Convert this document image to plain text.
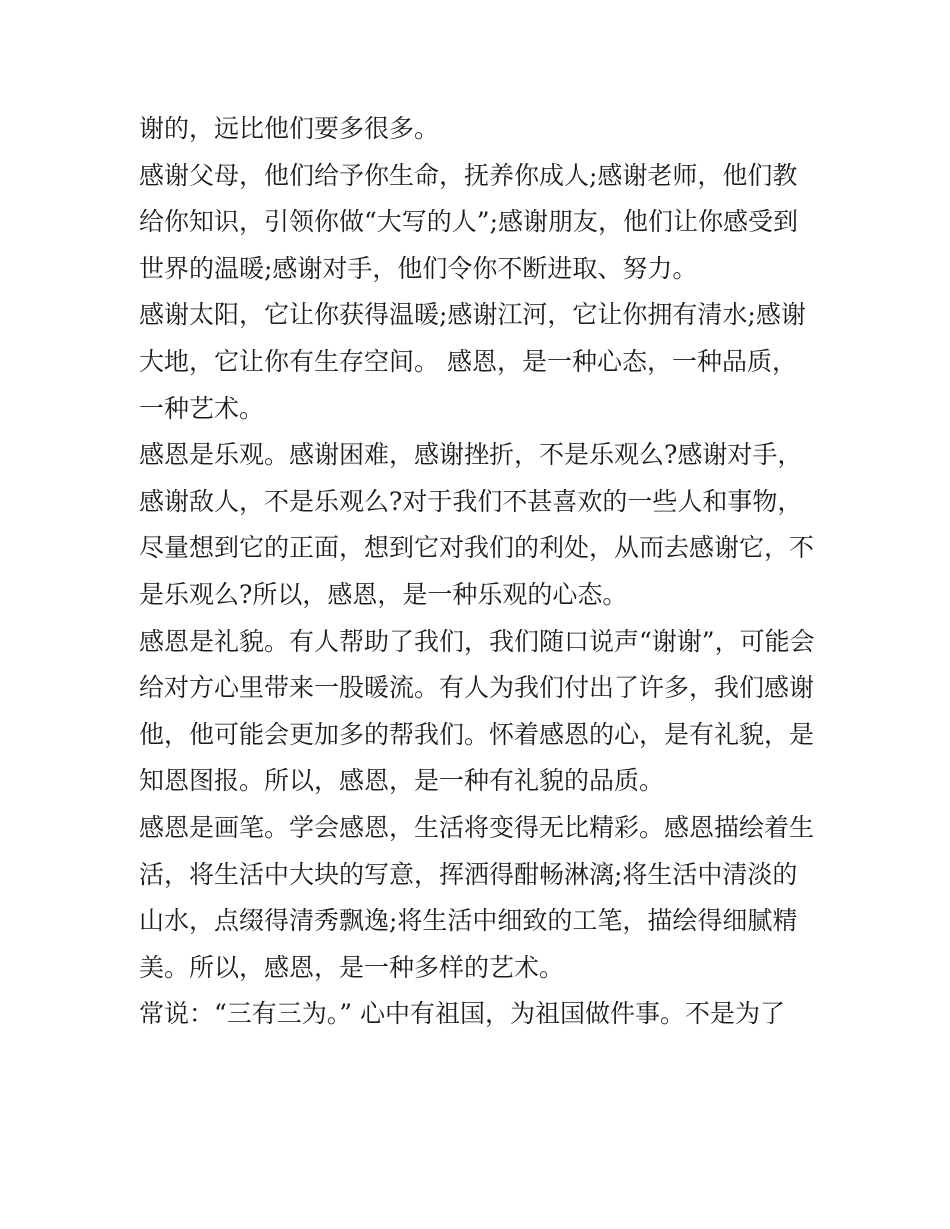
谢的，远比他们要多很多。

感谢父母，他们给予你生命，抚养你成人;感谢老师，他们教
给你知识，引领你做“大写的人”;感谢朋友，他们让你感受到
世界的温暖;感谢对手，他们令你不断进取、努力。

感谢太阳，它让你获得温暖;感谢江河，它让你拥有清水;感谢
大地，它让你有生存空间。 感恩，是一种心态，一种品质，
一种艺术。

感恩是乐观。感谢困难，感谢挫折，不是乐观么?感谢对手，
感谢敌人，不是乐观么?对于我们不甚喜欢的一些人和事物，
尽量想到它的正面，想到它对我们的利处，从而去感谢它，不
是乐观么?所以，感恩，是一种乐观的心态。

感恩是礼貌。有人帮助了我们，我们随口说声“谢谢”，可能会
给对方心里带来一股暖流。有人为我们付出了许多，我们感谢
他，他可能会更加多的帮我们。怀着感恩的心，是有礼貌，是
知恩图报。所以，感恩，是一种有礼貌的品质。

感恩是画笔。学会感恩，生活将变得无比精彩。感恩描绘着生
活，将生活中大块的写意，挥洒得酣畅淋漓;将生活中清淡的
山水，点缀得清秀飘逸;将生活中细致的工笔，描绘得细腻精
美。所以，感恩，是一种多样的艺术。

常说：“三有三为。” 心中有祖国，为祖国做件事。不是为了
